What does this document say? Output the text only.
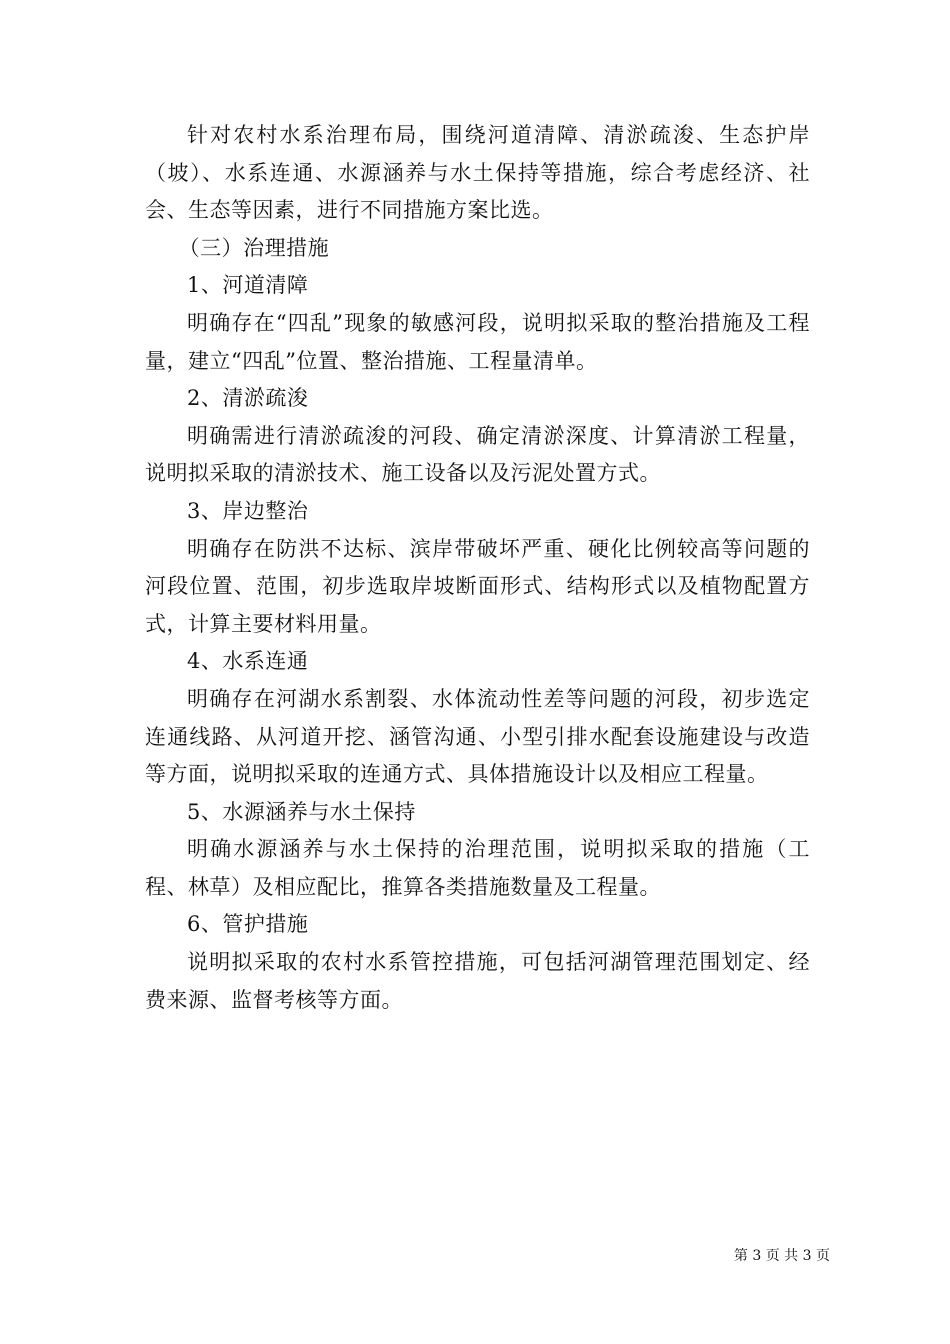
针对农村水系治理布局，围绕河道清障、清淤疏浚、生态护岸（坡）、水系连通、水源涵养与水土保持等措施，综合考虑经济、社会、生态等因素，进行不同措施方案比选。

（三）治理措施

1、河道清障

明确存在“四乱”现象的敏感河段，说明拟采取的整治措施及工程量，建立“四乱”位置、整治措施、工程量清单。

2、清淤疏浚

明确需进行清淤疏浚的河段、确定清淤深度、计算清淤工程量，说明拟采取的清淤技术、施工设备以及污泥处置方式。

3、岸边整治

明确存在防洪不达标、滨岸带破坏严重、硬化比例较高等问题的河段位置、范围，初步选取岸坡断面形式、结构形式以及植物配置方式，计算主要材料用量。

4、水系连通

明确存在河湖水系割裂、水体流动性差等问题的河段，初步选定连通线路、从河道开挖、涵管沟通、小型引排水配套设施建设与改造等方面，说明拟采取的连通方式、具体措施设计以及相应工程量。

5、水源涵养与水土保持

明确水源涵养与水土保持的治理范围，说明拟采取的措施（工程、林草）及相应配比，推算各类措施数量及工程量。

6、管护措施

说明拟采取的农村水系管控措施，可包括河湖管理范围划定、经费来源、监督考核等方面。

第 3 页 共 3 页
